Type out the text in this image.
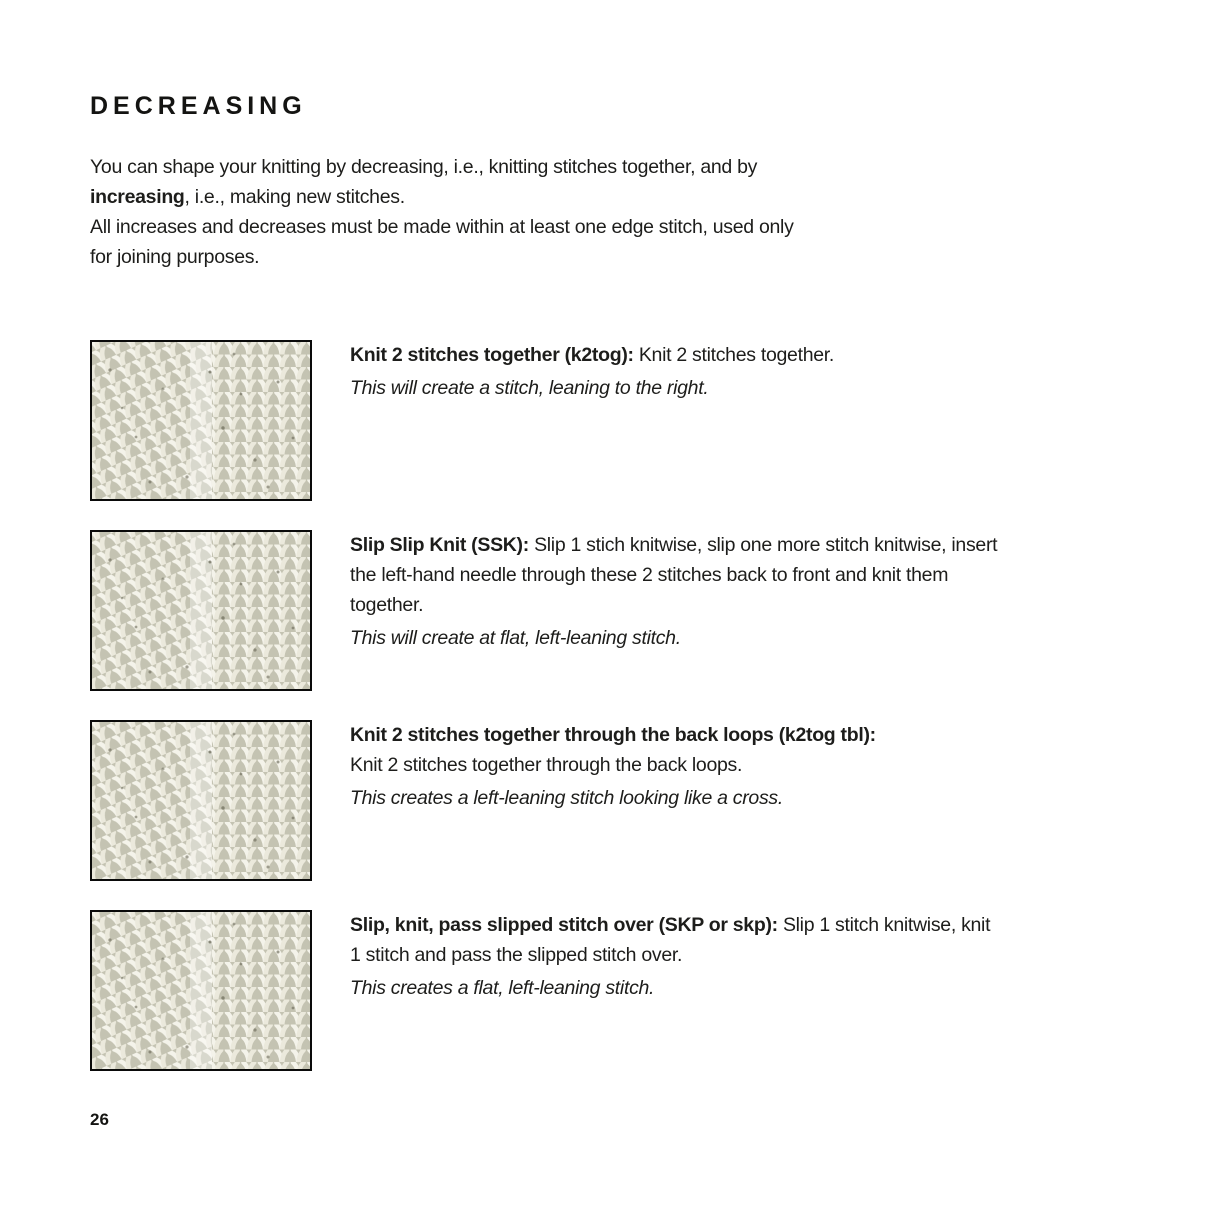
DECREASING
You can shape your knitting by decreasing, i.e., knitting stitches together, and by
increasing, i.e., making new stitches.
All increases and decreases must be made within at least one edge stitch, used only
for joining purposes.

Knit 2 stitches together (k2tog): Knit 2 stitches together.

This will create a stitch, leaning to the right.

Slip Slip Knit (SSK): Slip 1 stich knitwise, slip one more stitch knitwise, insert

the left-hand needle through these 2 stitches back to front and knit them

together.

This will create at flat, left-leaning stitch.

Knit 2 stitches together through the back loops (k2tog tbl):

Knit 2 stitches together through the back loops.

This creates a left-leaning stitch looking like a cross.

Slip, knit, pass slipped stitch over (SKP or skp): Slip 1 stitch knitwise, knit

1 stitch and pass the slipped stitch over.

This creates a flat, left-leaning stitch.

26
